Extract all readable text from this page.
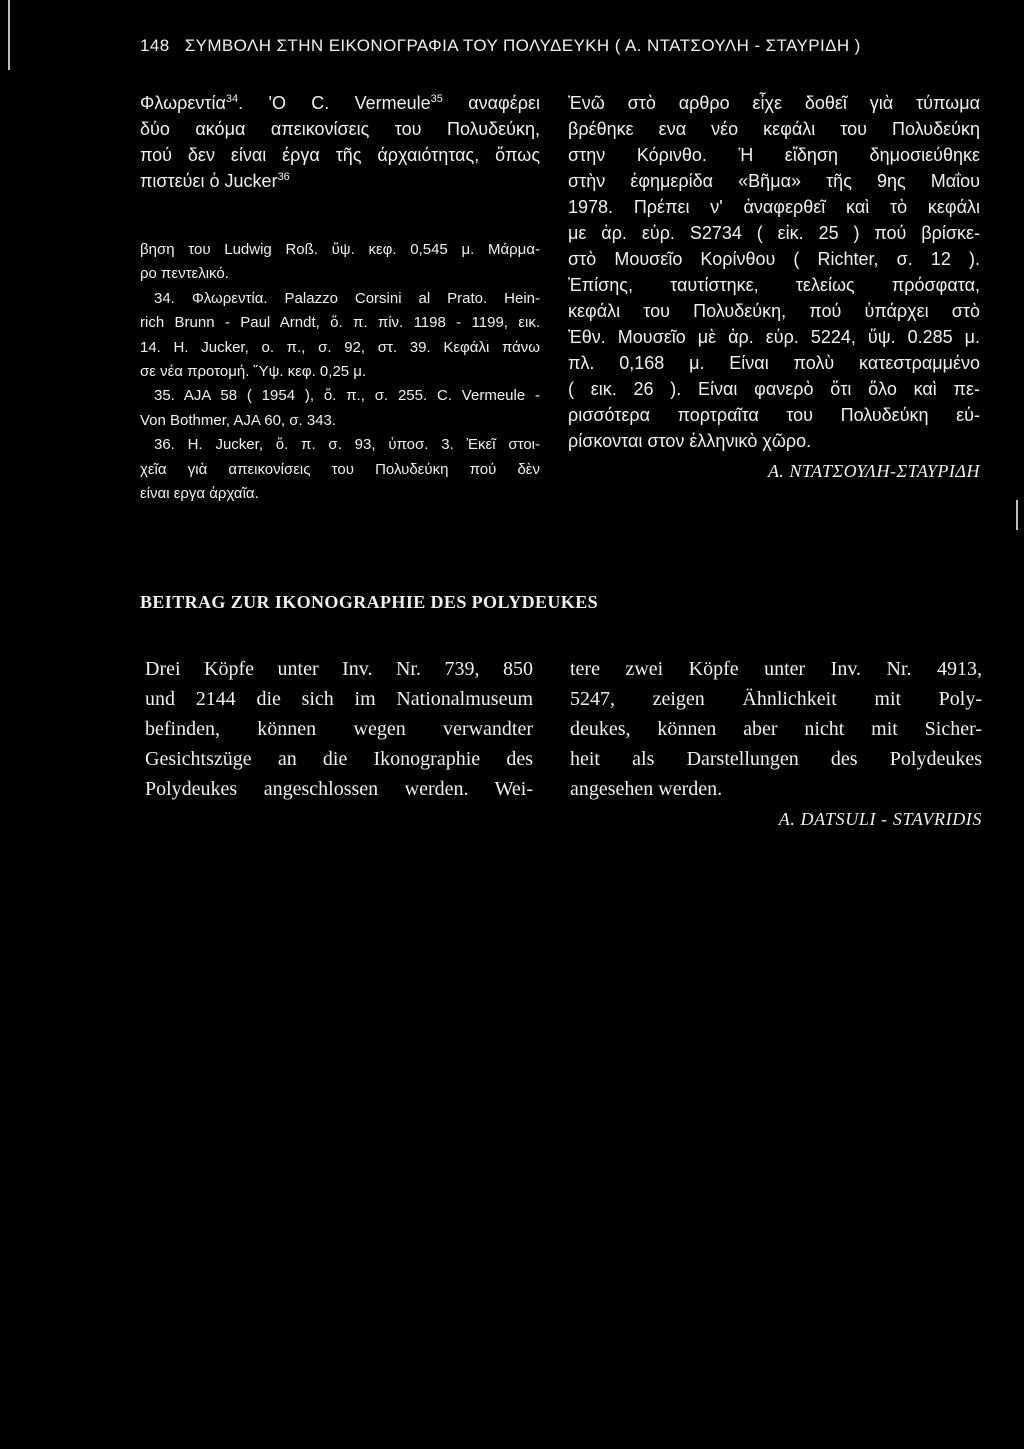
148 ΣΥΜΒΟΛΗ ΣΤΗΝ ΕΙΚΟΝΟΓΡΑΦΙΑ ΤΟΥ ΠΟΛΥΔΕΥΚΗ ( Α. ΝΤΑΤΣΟΥΛΗ - ΣΤΑΥΡΙΔΗ )
Φλωρεντία$^{34}$. 'Ο C. Vermeule$^{35}$ αναφέρει
δύο ακόμα απεικονίσεις του Πολυδεύκη,
πού δεν είναι έργα τῆς άρχαιότητας, ὅπως
πιστεύει ὁ Jucker$^{36}$
βηση του Ludwig Roß. ὕψ. κεφ. 0,545 μ. Μάρμα-
ρο πεντελικό.
34. Φλωρεντία. Palazzo Corsini al Prato. Hein-
rich Brunn - Paul Arndt, ὅ. π. πίν. 1198 - 1199, εικ.
14. H. Jucker, ο. π., σ. 92, στ. 39. Κεφάλι πάνω
σε νέα προτομή. Ὕψ. κεφ. 0,25 μ.
35. AJA 58 ( 1954 ), ὅ. π., σ. 255. C. Vermeule -
Von Bothmer, AJA 60, σ. 343.
36. H. Jucker, ὅ. π. σ. 93, ὑποσ. 3. Ἐκεῖ στοι-
χεῖα γιὰ απεικονίσεις του Πολυδεύκη πού δὲν
είναι εργα ἀρχαῖα.
Ἐνῶ στὸ αρθρο εἶχε δοθεῖ γιὰ τύπωμα
βρέθηκε ενα νέο κεφάλι του Πολυδεύκη
στην Κόρινθο. Ἡ εἴδηση δημοσιεύθηκε
στὴν ἐφημερίδα «Βῆμα» τῆς 9ης Μαΐου
1978. Πρέπει ν' ἀναφερθεῖ καὶ τὸ κεφάλι
με ἀρ. εὑρ. S2734 ( εἰκ. 25 ) πού βρίσκε-
στὸ Μουσεῖο Κορίνθου ( Richter, σ. 12 ).
Ἐπίσης, ταυτίστηκε, τελείως πρόσφατα,
κεφάλι του Πολυδεύκη, πού ὑπάρχει στὸ
Ἐθν. Μουσεῖο μὲ ἀρ. εὑρ. 5224, ὕψ. 0.285 μ.
πλ. 0,168 μ. Είναι πολὺ κατεστραμμένο
( εικ. 26 ). Είναι φανερὸ ὅτι ὅλο καὶ πε-
ρισσότερα πορτραῖτα του Πολυδεύκη εὑ-
ρίσκονται στον ἑλληνικὸ χῶρο.
Α. ΝΤΑΤΣΟΥΛΗ-ΣΤΑΥΡΙΔΗ
BEITRAG ZUR IKONOGRAPHIE DES POLYDEUKES
Drei Köpfe unter Inv. Nr. 739, 850
und 2144 die sich im Nationalmuseum
befinden, können wegen verwandter
Gesichtszüge an die Ikonographie des
Polydeukes angeschlossen werden. Wei-
tere zwei Köpfe unter Inv. Nr. 4913,
5247, zeigen Ähnlichkeit mit Poly-
deukes, können aber nicht mit Sicher-
heit als Darstellungen des Polydeukes
angesehen werden.
A. DATSULI - STAVRIDIS
